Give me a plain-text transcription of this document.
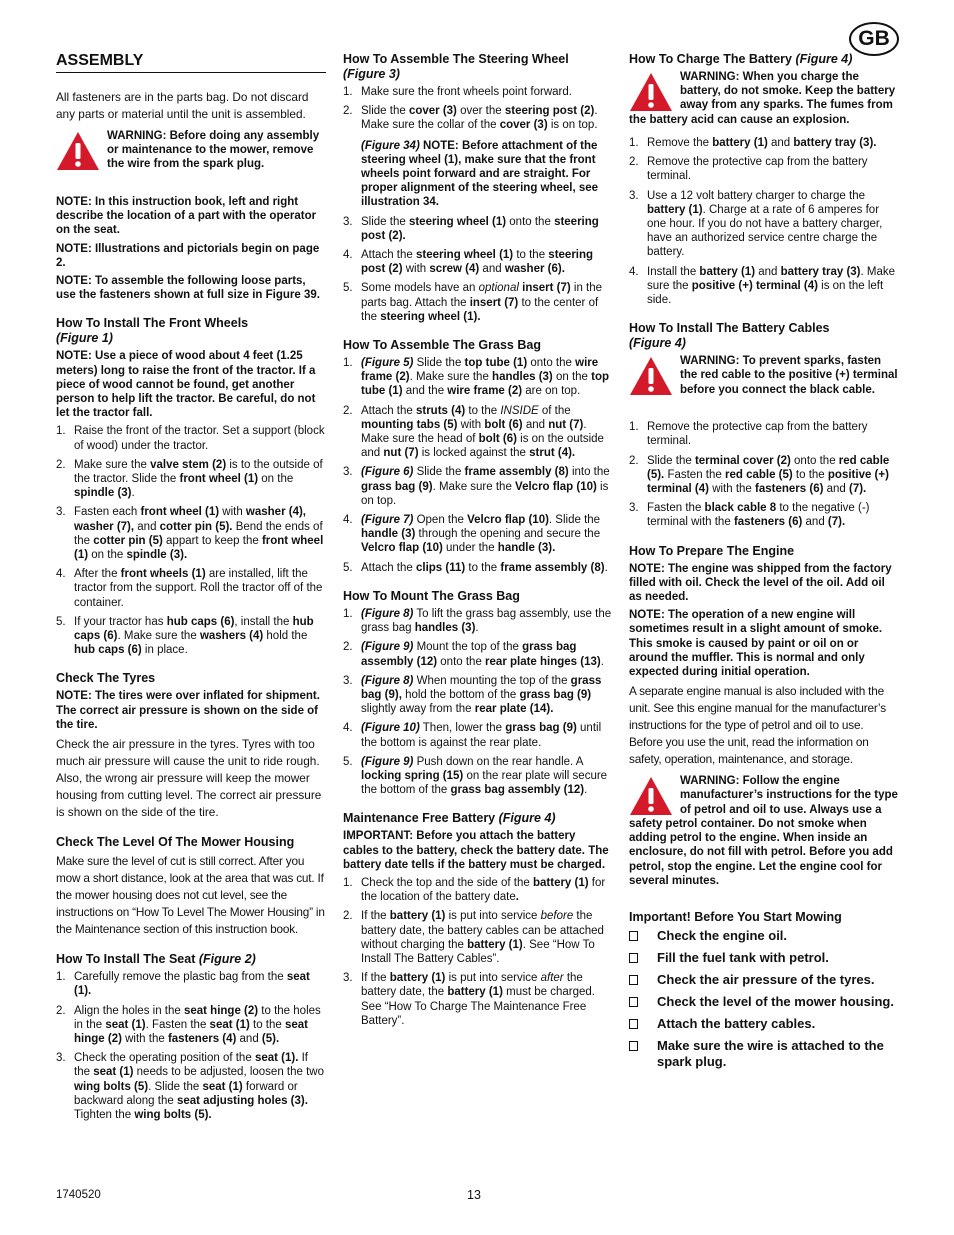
GB
ASSEMBLY

All fasteners are in the parts bag. Do not discard any parts or material until the unit is assembled.

WARNING: Before doing any assembly or maintenance to the mower, remove the wire from the spark plug.

NOTE: In this instruction book, left and right describe the location of a part with the operator on the seat.

NOTE: Illustrations and pictorials begin on page 2.

NOTE: To assemble the following loose parts, use the fasteners shown at full size in Figure 39.

How To Install The Front Wheels
(Figure 1)

NOTE: Use a piece of wood about 4 feet (1.25 meters) long to raise the front of the tractor. If a piece of wood cannot be found, get another person to help lift the tractor. Be careful, do not let the tractor fall.

1. Raise the front of the tractor. Set a support (block of wood) under the tractor.
2. Make sure the valve stem (2) is to the outside of the tractor. Slide the front wheel (1) on the spindle (3).
3. Fasten each front wheel (1) with washer (4), washer (7), and cotter pin (5). Bend the ends of the cotter pin (5) appart to keep the front wheel (1) on the spindle (3).
4. After the front wheels (1) are installed, lift the tractor from the support. Roll the tractor off of the container.
5. If your tractor has hub caps (6), install the hub caps (6). Make sure the washers (4) hold the hub caps (6) in place.
Check The Tyres

NOTE: The tires were over inflated for shipment. The correct air pressure is shown on the side of the tire.

Check the air pressure in the tyres. Tyres with too much air pressure will cause the unit to ride rough. Also, the wrong air pressure will keep the mower housing from cutting level. The correct air pressure is shown on the side of the tire.

Check The Level Of The Mower Housing

Make sure the level of cut is still correct. After you mow a short distance, look at the area that was cut. If the mower housing does not cut level, see the instructions on “How To Level The Mower Housing” in the Maintenance section of this instruction book.

How To Install The Seat (Figure 2)
1. Carefully remove the plastic bag from the seat (1).
2. Align the holes in the seat hinge (2) to the holes in the seat (1). Fasten the seat (1) to the seat hinge (2) with the fasteners (4) and (5).
3. Check the operating position of the seat (1). If the seat (1) needs to be adjusted, loosen the two wing bolts (5). Slide the seat (1) forward or backward along the seat adjusting holes (3). Tighten the wing bolts (5).
How To Assemble The Steering Wheel
(Figure 3)
1. Make sure the front wheels point forward.
2. Slide the cover (3) over the steering post (2). Make sure the collar of the cover (3) is on top.
(Figure 34) NOTE: Before attachment of the steering wheel (1), make sure that the front wheels point forward and are straight. For proper alignment of the steering wheel, see illustration 34.
3. Slide the steering wheel (1) onto the steering post (2).
4. Attach the steering wheel (1) to the steering post (2) with screw (4) and washer (6).
5. Some models have an optional insert (7) in the parts bag. Attach the insert (7) to the center of the steering wheel (1).
How To Assemble The Grass Bag
1. (Figure 5) Slide the top tube (1) onto the wire frame (2). Make sure the handles (3) on the top tube (1) and the wire frame (2) are on top.
2. Attach the struts (4) to the INSIDE of the mounting tabs (5) with bolt (6) and nut (7). Make sure the head of bolt (6) is on the outside and nut (7) is locked against the strut (4).
3. (Figure 6) Slide the frame assembly (8) into the grass bag (9). Make sure the Velcro flap (10) is on top.
4. (Figure 7) Open the Velcro flap (10). Slide the handle (3) through the opening and secure the Velcro flap (10) under the handle (3).
5. Attach the clips (11) to the frame assembly (8).
How To Mount The Grass Bag
1. (Figure 8) To lift the grass bag assembly, use the grass bag handles (3).
2. (Figure 9) Mount the top of the grass bag assembly (12) onto the rear plate hinges (13).
3. (Figure 8) When mounting the top of the grass bag (9), hold the bottom of the grass bag (9) slightly away from the rear plate (14).
4. (Figure 10) Then, lower the grass bag (9) until the bottom is against the rear plate.
5. (Figure 9) Push down on the rear handle. A locking spring (15) on the rear plate will secure the bottom of the grass bag assembly (12).
Maintenance Free Battery (Figure 4)

IMPORTANT: Before you attach the battery cables to the battery, check the battery date. The battery date tells if the battery must be charged.

1. Check the top and the side of the battery (1) for the location of the battery date.
2. If the battery (1) is put into service before the battery date, the battery cables can be attached without charging the battery (1). See “How To Install The Battery Cables”.
3. If the battery (1) is put into service after the battery date, the battery (1) must be charged. See “How To Charge The Maintenance Free Battery”.
How To Charge The Battery (Figure 4)
WARNING: When you charge the battery, do not smoke. Keep the battery away from any sparks. The fumes from the battery acid can cause an explosion.
1. Remove the battery (1) and battery tray (3).
2. Remove the protective cap from the battery terminal.
3. Use a 12 volt battery charger to charge the battery (1). Charge at a rate of 6 amperes for one hour. If you do not have a battery charger, have an authorized service centre charge the battery.
4. Install the battery (1) and battery tray (3). Make sure the positive (+) terminal (4) is on the left side.
How To Install The Battery Cables
(Figure 4)
WARNING: To prevent sparks, fasten the red cable to the positive (+) terminal before you connect the black cable.
1. Remove the protective cap from the battery terminal.
2. Slide the terminal cover (2) onto the red cable (5). Fasten the red cable (5) to the positive (+) terminal (4) with the fasteners (6) and (7).
3. Fasten the black cable 8 to the negative (-) terminal with the fasteners (6) and (7).
How To Prepare The Engine

NOTE: The engine was shipped from the factory filled with oil. Check the level of the oil. Add oil as needed.

NOTE: The operation of a new engine will sometimes result in a slight amount of smoke. This smoke is caused by paint or oil on or around the muffler. This is normal and only expected during initial operation.

A separate engine manual is also included with the unit. See this engine manual for the manufacturer’s instructions for the type of petrol and oil to use. Before you use the unit, read the information on safety, operation, maintenance, and storage.

WARNING: Follow the engine manufacturer’s instructions for the type of petrol and oil to use. Always use a safety petrol container. Do not smoke when adding petrol to the engine. When inside an enclosure, do not fill with petrol. Before you add petrol, stop the engine. Let the engine cool for several minutes.
Important! Before You Start Mowing
Check the engine oil.
Fill the fuel tank with petrol.
Check the air pressure of the tyres.
Check the level of the mower housing.
Attach the battery cables.
Make sure the wire is attached to the spark plug.
1740520	13
